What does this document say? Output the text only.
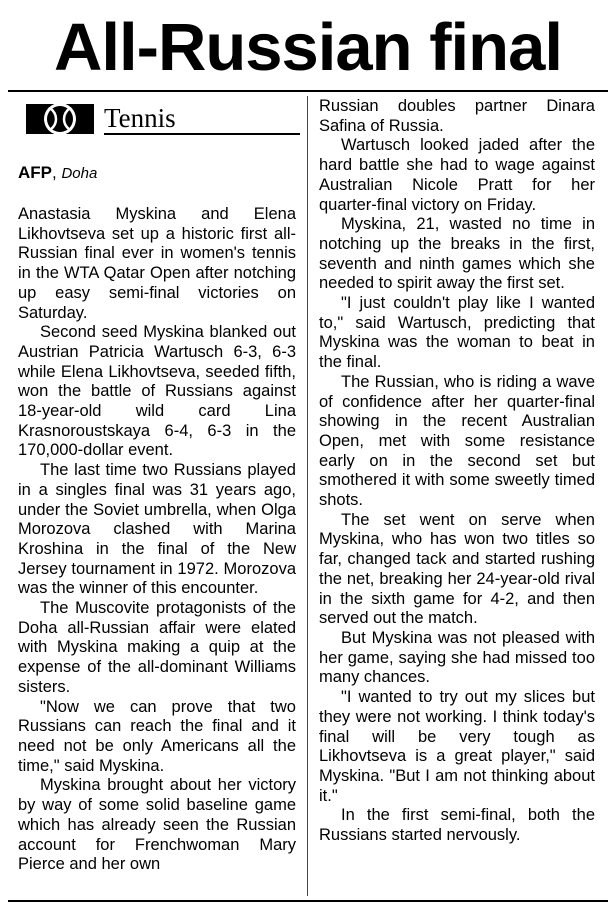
All-Russian final
Tennis
AFP, Doha

Anastasia Myskina and Elena Likhovtseva set up a historic first all-Russian final ever in women's tennis in the WTA Qatar Open after notching up easy semi-final victories on Saturday.

Second seed Myskina blanked out Austrian Patricia Wartusch 6-3, 6-3 while Elena Likhovtseva, seeded fifth, won the battle of Russians against 18-year-old wild card Lina Krasnoroustskaya 6-4, 6-3 in the 170,000-dollar event.

The last time two Russians played in a singles final was 31 years ago, under the Soviet umbrella, when Olga Morozova clashed with Marina Kroshina in the final of the New Jersey tournament in 1972. Morozova was the winner of this encounter.

The Muscovite protagonists of the Doha all-Russian affair were elated with Myskina making a quip at the expense of the all-dominant Williams sisters.

"Now we can prove that two Russians can reach the final and it need not be only Americans all the time," said Myskina.

Myskina brought about her victory by way of some solid baseline game which has already seen the Russian account for Frenchwoman Mary Pierce and her own

Russian doubles partner Dinara Safina of Russia.

Wartusch looked jaded after the hard battle she had to wage against Australian Nicole Pratt for her quarter-final victory on Friday.

Myskina, 21, wasted no time in notching up the breaks in the first, seventh and ninth games which she needed to spirit away the first set.

"I just couldn't play like I wanted to," said Wartusch, predicting that Myskina was the woman to beat in the final.

The Russian, who is riding a wave of confidence after her quarter-final showing in the recent Australian Open, met with some resistance early on in the second set but smothered it with some sweetly timed shots.

The set went on serve when Myskina, who has won two titles so far, changed tack and started rushing the net, breaking her 24-year-old rival in the sixth game for 4-2, and then served out the match.

But Myskina was not pleased with her game, saying she had missed too many chances.

"I wanted to try out my slices but they were not working. I think today's final will be very tough as Likhovtseva is a great player," said Myskina. "But I am not thinking about it."

In the first semi-final, both the Russians started nervously.
